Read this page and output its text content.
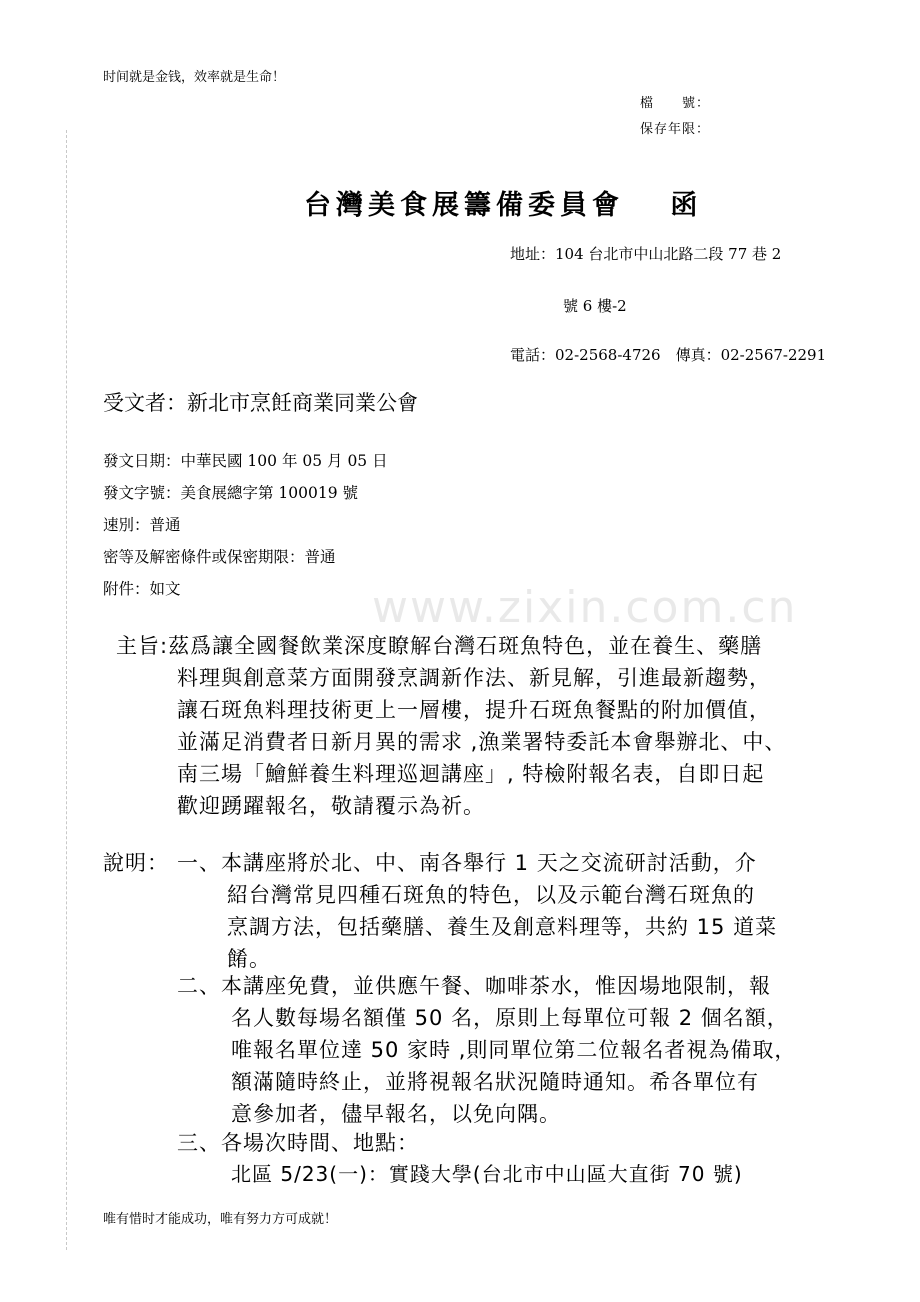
时间就是金钱，效率就是生命！
檔　　號：
保存年限：
台灣美食展籌備委員會　 函
地址：104 台北市中山北路二段 77 巷 2
號 6 樓-2
電話：02-2568-4726　傳真：02-2567-2291
受文者：新北市烹飪商業同業公會
發文日期：中華民國 100 年 05 月 05 日
發文字號：美食展總字第 100019 號
速別：普通
密等及解密條件或保密期限：普通
附件：如文	www.zixin.com.cn
主旨:茲爲讓全國餐飲業深度瞭解台灣石斑魚特色，並在養生、藥膳
料理與創意菜方面開發烹調新作法、新見解，引進最新趨勢，
讓石斑魚料理技術更上一層樓，提升石斑魚餐點的附加價值，
並滿足消費者日新月異的需求 ,漁業署特委託本會舉辦北、中、
南三場「鱠鮮養生料理巡迴講座」, 特檢附報名表，自即日起
歡迎踴躍報名，敬請覆示為祈。
說明： 一、本講座將於北、中、南各舉行 1 天之交流研討活動，介
紹台灣常見四種石斑魚的特色，以及示範台灣石斑魚的
烹調方法，包括藥膳、養生及創意料理等，共約 15 道菜
餚。
二、本講座免費，並供應午餐、咖啡茶水，惟因場地限制，報
名人數每場名額僅 50 名，原則上每單位可報 2 個名額，
唯報名單位達 50 家時 ,則同單位第二位報名者視為備取，
額滿隨時終止，並將視報名狀況隨時通知。希各單位有
意參加者，儘早報名，以免向隅。
三、各場次時間、地點：
北區 5/23(一)：實踐大學(台北市中山區大直街 70 號)
唯有惜时才能成功，唯有努力方可成就！
